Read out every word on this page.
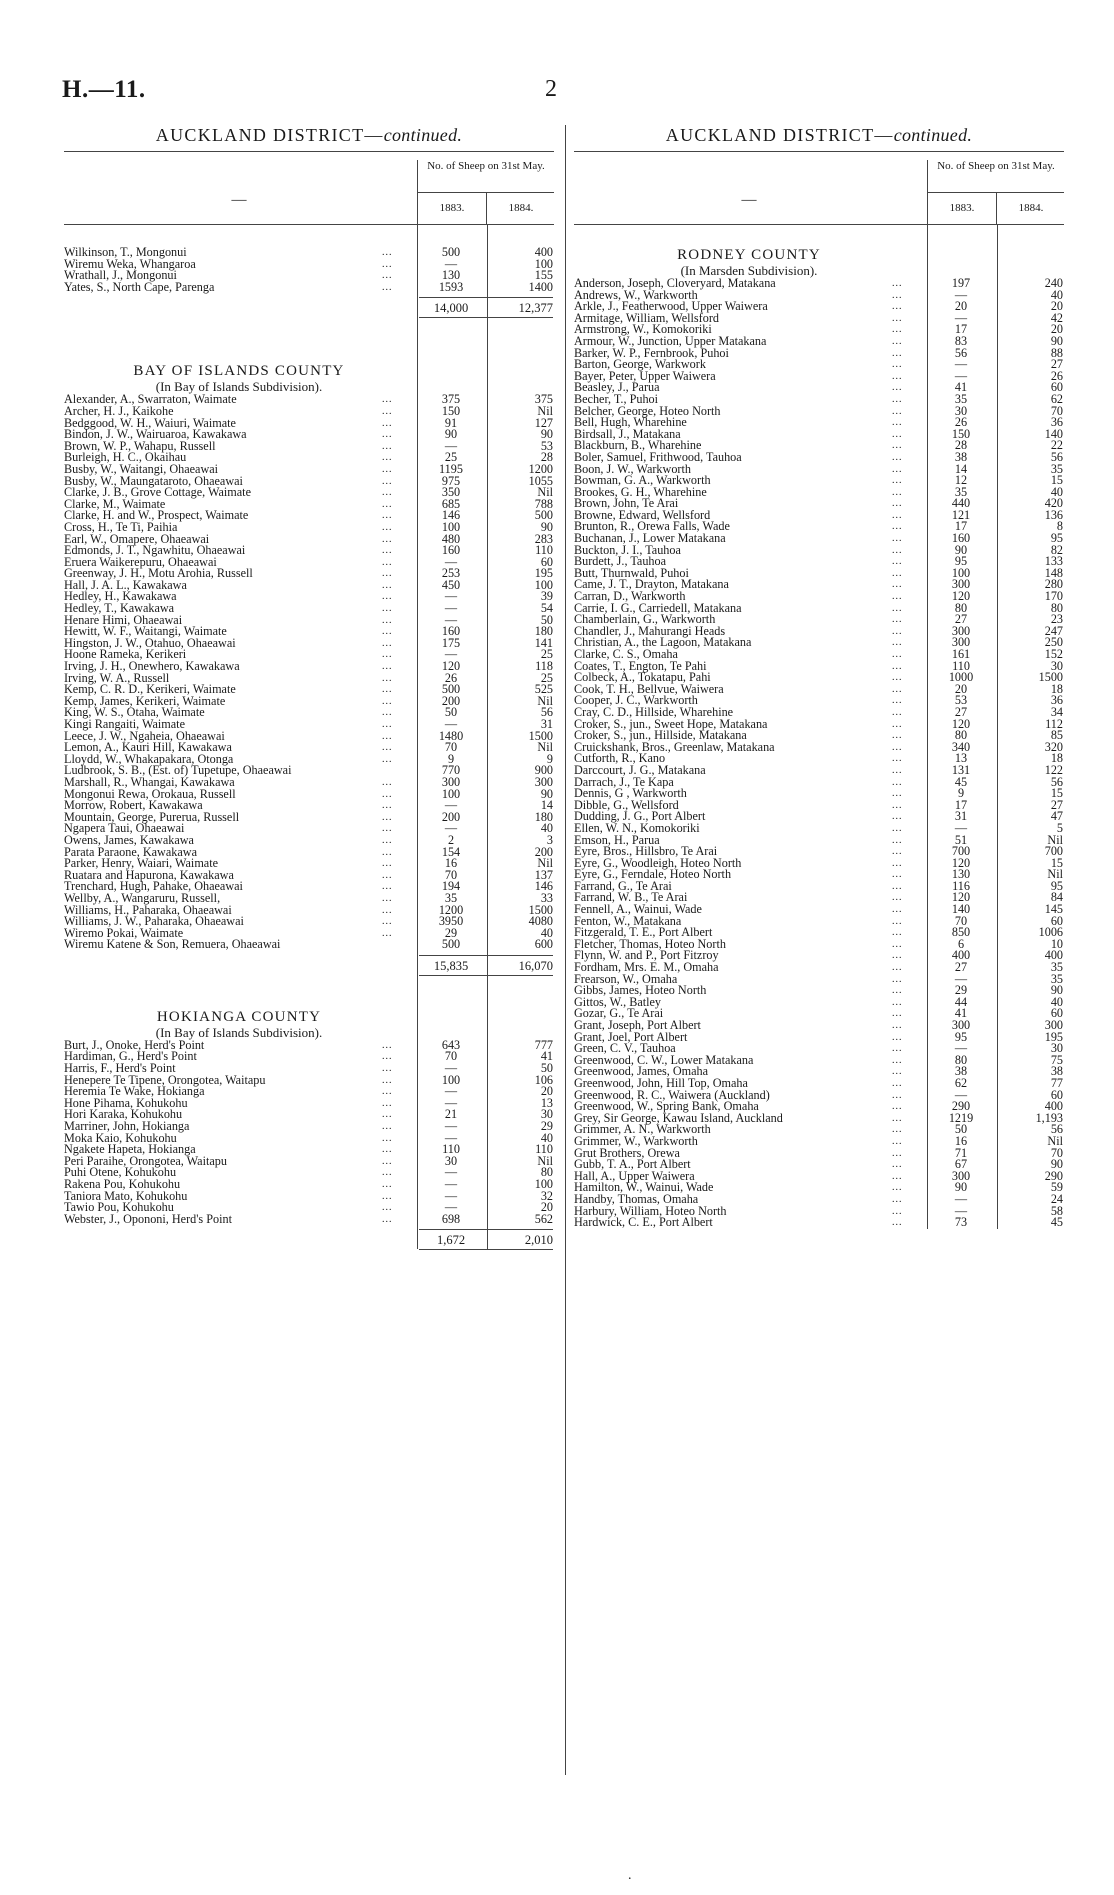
H.—11.	2
AUCKLAND DISTRICT—continued.
—
No. of Sheep on 31st May.
1883.	1884.
Wilkinson, T., Mongonui	...	500	400
Wiremu Weka, Whangaroa	...	—	100
Wrathall, J., Mongonui	...	130	155
Yates, S., North Cape, Parenga	...	1593	1400
14,000	12,377
BAY OF ISLANDS COUNTY
(In Bay of Islands Subdivision).
Alexander, A., Swarraton, Waimate	...	375	375
Archer, H. J., Kaikohe	...	150	Nil
Bedggood, W. H., Waiuri, Waimate	...	91	127
Bindon, J. W., Wairuaroa, Kawakawa	...	90	90
Brown, W. P., Wahapu, Russell	...	—	53
Burleigh, H. C., Okaihau	...	25	28
Busby, W., Waitangi, Ohaeawai	...	1195	1200
Busby, W., Maungataroto, Ohaeawai	...	975	1055
Clarke, J. B., Grove Cottage, Waimate	...	350	Nil
Clarke, M., Waimate	...	685	788
Clarke, H. and W., Prospect, Waimate	...	146	500
Cross, H., Te Ti, Paihia	...	100	90
Earl, W., Omapere, Ohaeawai	...	480	283
Edmonds, J. T., Ngawhitu, Ohaeawai	...	160	110
Eruera Waikerepuru, Ohaeawai	...	—	60
Greenway, J. H., Motu Arohia, Russell	...	253	195
Hall, J. A. L., Kawakawa	...	450	100
Hedley, H., Kawakawa	...	—	39
Hedley, T., Kawakawa	...	—	54
Henare Himi, Ohaeawai	...	—	50
Hewitt, W. F., Waitangi, Waimate	...	160	180
Hingston, J. W., Otahuo, Ohaeawai	...	175	141
Hoone Rameka, Kerikeri	...	—	25
Irving, J. H., Onewhero, Kawakawa	...	120	118
Irving, W. A., Russell	...	26	25
Kemp, C. R. D., Kerikeri, Waimate	...	500	525
Kemp, James, Kerikeri, Waimate	...	200	Nil
King, W. S., Otaha, Waimate	...	50	56
Kingi Rangaiti, Waimate	...	—	31
Leece, J. W., Ngaheia, Ohaeawai	...	1480	1500
Lemon, A., Kauri Hill, Kawakawa	...	70	Nil
Lloydd, W., Whakapakara, Otonga	...	9	9
Ludbrook, S. B., (Est. of) Tupetupe, Ohaeawai	770	900
Marshall, R., Whangai, Kawakawa	...	300	300
Mongonui Rewa, Orokaua, Russell	...	100	90
Morrow, Robert, Kawakawa	...	—	14
Mountain, George, Purerua, Russell	...	200	180
Ngapera Taui, Ohaeawai	...	—	40
Owens, James, Kawakawa	...	2	3
Parata Paraone, Kawakawa	...	154	200
Parker, Henry, Waiari, Waimate	...	16	Nil
Ruatara and Hapurona, Kawakawa	...	70	137
Trenchard, Hugh, Pahake, Ohaeawai	...	194	146
Wellby, A., Wangaruru, Russell,	...	35	33
Williams, H., Paharaka, Ohaeawai	...	1200	1500
Williams, J. W., Paharaka, Ohaeawai	...	3950	4080
Wiremo Pokai, Waimate	...	29	40
Wiremu Katene & Son, Remuera, Ohaeawai	500	600
15,835	16,070
HOKIANGA COUNTY
(In Bay of Islands Subdivision).
Burt, J., Onoke, Herd's Point	...	643	777
Hardiman, G., Herd's Point	...	70	41
Harris, F., Herd's Point	...	—	50
Henepere Te Tipene, Orongotea, Waitapu	...	100	106
Heremia Te Wake, Hokianga	...	—	20
Hone Pihama, Kohukohu	...	—	13
Hori Karaka, Kohukohu	...	21	30
Marriner, John, Hokianga	...	—	29
Moka Kaio, Kohukohu	...	—	40
Ngakete Hapeta, Hokianga	...	110	110
Peri Paraihe, Orongotea, Waitapu	...	30	Nil
Puhi Otene, Kohukohu	...	—	80
Rakena Pou, Kohukohu	...	—	100
Taniora Mato, Kohukohu	...	—	32
Tawio Pou, Kohukohu	...	—	20
Webster, J., Opononi, Herd's Point	...	698	562
1,672	2,010
AUCKLAND DISTRICT—continued.
—
No. of Sheep on 31st May.
1883.	1884.
RODNEY COUNTY
(In Marsden Subdivision).
Anderson, Joseph, Cloveryard, Matakana	...	197	240
Andrews, W., Warkworth	...	—	40
Arkle, J., Featherwood, Upper Waiwera	...	20	20
Armitage, William, Wellsford	...	—	42
Armstrong, W., Komokoriki	...	17	20
Armour, W., Junction, Upper Matakana	...	83	90
Barker, W. P., Fernbrook, Puhoi	...	56	88
Barton, George, Warkwork	...	—	27
Bayer, Peter, Upper Waiwera	...	—	26
Beasley, J., Parua	...	41	60
Becher, T., Puhoi	...	35	62
Belcher, George, Hoteo North	...	30	70
Bell, Hugh, Wharehine	...	26	36
Birdsall, J., Matakana	...	150	140
Blackburn, B., Wharehine	...	28	22
Boler, Samuel, Frithwood, Tauhoa	...	38	56
Boon, J. W., Warkworth	...	14	35
Bowman, G. A., Warkworth	...	12	15
Brookes, G. H., Wharehine	...	35	40
Brown, John, Te Arai	...	440	420
Browne, Edward, Wellsford	...	121	136
Brunton, R., Orewa Falls, Wade	...	17	8
Buchanan, J., Lower Matakana	...	160	95
Buckton, J. I., Tauhoa	...	90	82
Burdett, J., Tauhoa	...	95	133
Butt, Thurnwald, Puhoi	...	100	148
Came, J. T., Drayton, Matakana	...	300	280
Carran, D., Warkworth	...	120	170
Carrie, I. G., Carriedell, Matakana	...	80	80
Chamberlain, G., Warkworth	...	27	23
Chandler, J., Mahurangi Heads	...	300	247
Christian, A., the Lagoon, Matakana	...	300	250
Clarke, C. S., Omaha	...	161	152
Coates, T., Engton, Te Pahi	...	110	30
Colbeck, A., Tokatapu, Pahi	...	1000	1500
Cook, T. H., Bellvue, Waiwera	...	20	18
Cooper, J. C., Warkworth	...	53	36
Cray, C. D., Hillside, Wharehine	...	27	34
Croker, S., jun., Sweet Hope, Matakana	...	120	112
Croker, S., jun., Hillside, Matakana	...	80	85
Cruickshank, Bros., Greenlaw, Matakana	...	340	320
Cutforth, R., Kano	...	13	18
Darccourt, J. G., Matakana	...	131	122
Darrach, J., Te Kapa	...	45	56
Dennis, G , Warkworth	...	9	15
Dibble, G., Wellsford	...	17	27
Dudding, J. G., Port Albert	...	31	47
Ellen, W. N., Komokoriki	...	—	5
Emson, H., Parua	...	51	Nil
Eyre, Bros., Hillsbro, Te Arai	...	700	700
Eyre, G., Woodleigh, Hoteo North	...	120	15
Eyre, G., Ferndale, Hoteo North	...	130	Nil
Farrand, G., Te Arai	...	116	95
Farrand, W. B., Te Arai	...	120	84
Fennell, A., Wainui, Wade	...	140	145
Fenton, W., Matakana	...	70	60
Fitzgerald, T. E., Port Albert	...	850	1006
Fletcher, Thomas, Hoteo North	...	6	10
Flynn, W. and P., Port Fitzroy	...	400	400
Fordham, Mrs. E. M., Omaha	...	27	35
Frearson, W., Omaha	...	—	35
Gibbs, James, Hoteo North	...	29	90
Gittos, W., Batley	...	44	40
Gozar, G., Te Arai	...	41	60
Grant, Joseph, Port Albert	...	300	300
Grant, Joel, Port Albert	...	95	195
Green, C. V., Tauhoa	...	—	30
Greenwood, C. W., Lower Matakana	...	80	75
Greenwood, James, Omaha	...	38	38
Greenwood, John, Hill Top, Omaha	...	62	77
Greenwood, R. C., Waiwera (Auckland)	...	—	60
Greenwood, W., Spring Bank, Omaha	...	290	400
Grey, Sir George, Kawau Island, Auckland	...	1219	1,193
Grimmer, A. N., Warkworth	...	50	56
Grimmer, W., Warkworth	...	16	Nil
Grut Brothers, Orewa	...	71	70
Gubb, T. A., Port Albert	...	67	90
Hall, A., Upper Waiwera	...	300	290
Hamilton, W., Wainui, Wade	...	90	59
Handby, Thomas, Omaha	...	—	24
Harbury, William, Hoteo North	...	—	58
Hardwick, C. E., Port Albert	...	73	45
.
